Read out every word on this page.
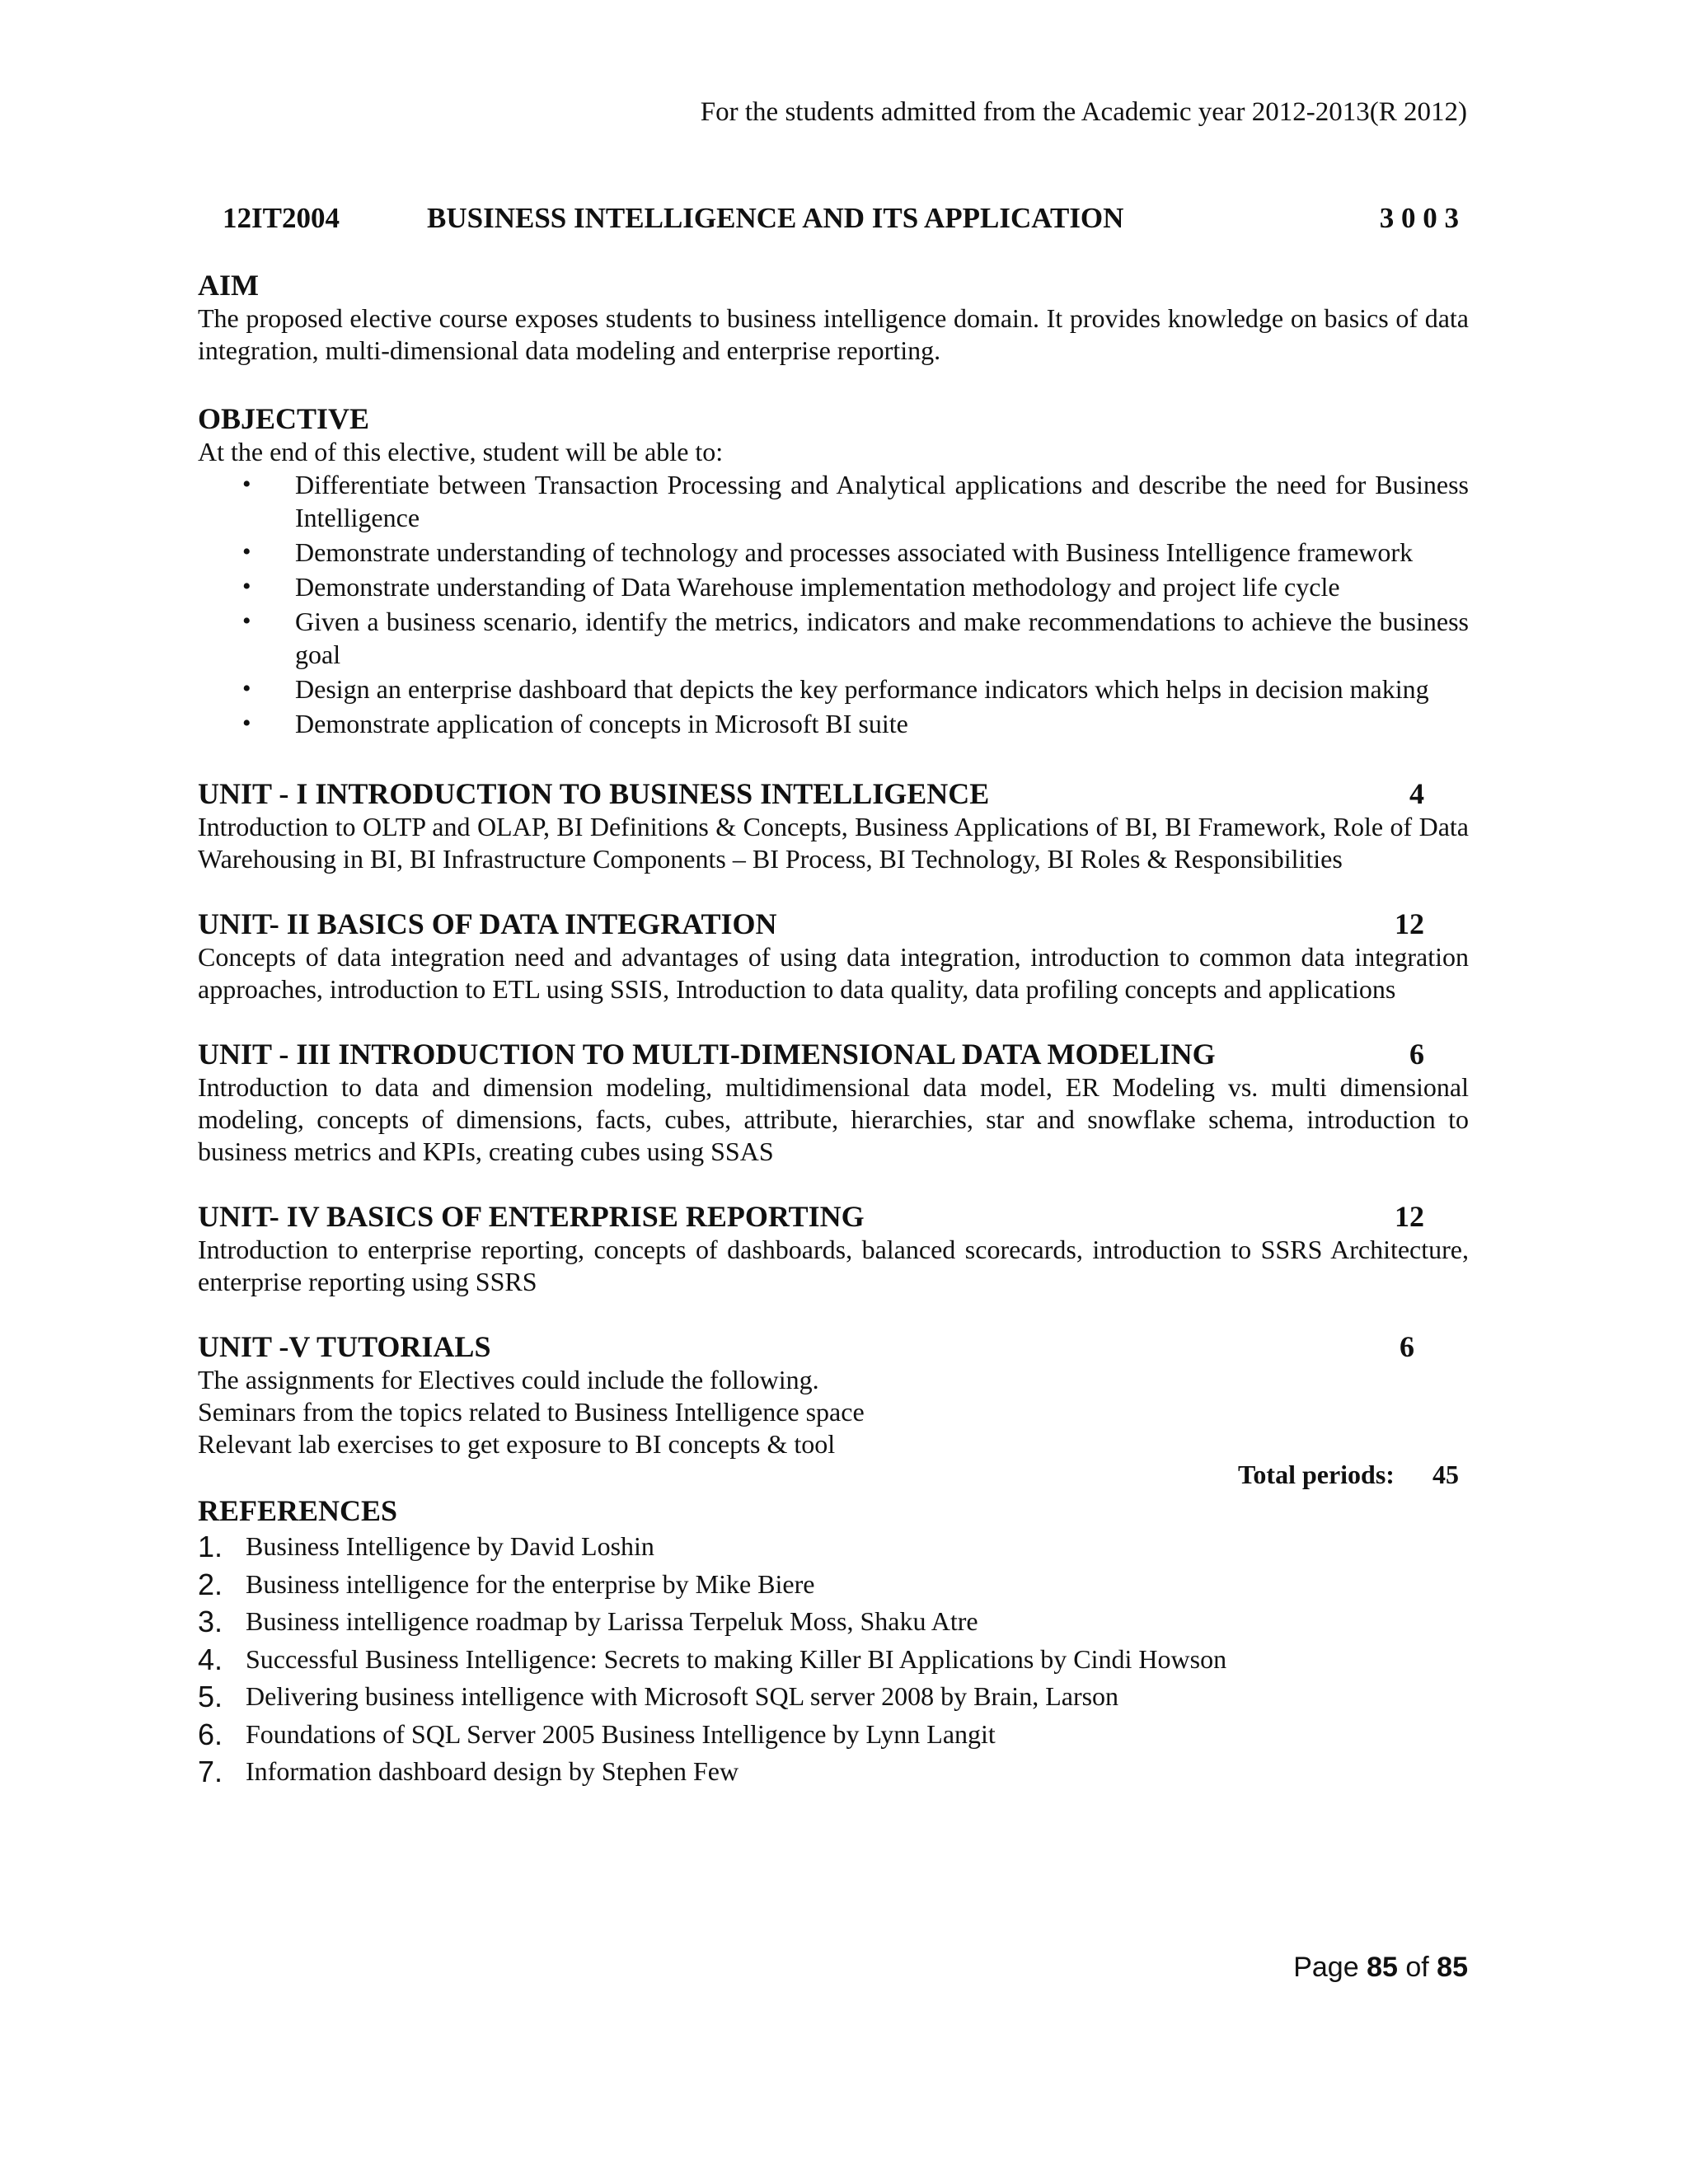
For the students admitted from the Academic year 2012-2013(R 2012)
12IT2004	BUSINESS INTELLIGENCE AND ITS APPLICATION	3 0 0 3
AIM
The proposed elective course exposes students to business intelligence domain. It provides knowledge on basics of data integration, multi-dimensional data modeling and enterprise reporting.
OBJECTIVE
At the end of this elective, student will be able to:
• Differentiate between Transaction Processing and Analytical applications and describe the need for Business Intelligence
• Demonstrate understanding of technology and processes associated with Business Intelligence framework
• Demonstrate understanding of Data Warehouse implementation methodology and project life cycle
• Given a business scenario, identify the metrics, indicators and make recommendations to achieve the business goal
• Design an enterprise dashboard that depicts the key performance indicators which helps in decision making
• Demonstrate application of concepts in Microsoft BI suite
UNIT - I INTRODUCTION TO BUSINESS INTELLIGENCE	4
Introduction to OLTP and OLAP, BI Definitions & Concepts, Business Applications of BI, BI Framework, Role of Data Warehousing in BI, BI Infrastructure Components – BI Process, BI Technology, BI Roles & Responsibilities
UNIT- II BASICS OF DATA INTEGRATION	12
Concepts of data integration need and advantages of using data integration, introduction to common data integration approaches, introduction to ETL using SSIS, Introduction to data quality, data profiling concepts and applications
UNIT - III INTRODUCTION TO MULTI-DIMENSIONAL DATA MODELING	6
Introduction to data and dimension modeling, multidimensional data model, ER Modeling vs. multi dimensional modeling, concepts of dimensions, facts, cubes, attribute, hierarchies, star and snowflake schema, introduction to business metrics and KPIs, creating cubes using SSAS
UNIT- IV BASICS OF ENTERPRISE REPORTING	12
Introduction to enterprise reporting, concepts of dashboards, balanced scorecards, introduction to SSRS Architecture, enterprise reporting using SSRS
UNIT -V TUTORIALS	6
The assignments for Electives could include the following.
Seminars from the topics related to Business Intelligence space
Relevant lab exercises to get exposure to BI concepts & tool
Total periods: 45
REFERENCES
1. Business Intelligence by David Loshin
2. Business intelligence for the enterprise by Mike Biere
3. Business intelligence roadmap by Larissa Terpeluk Moss, Shaku Atre
4. Successful Business Intelligence: Secrets to making Killer BI Applications by Cindi Howson
5. Delivering business intelligence with Microsoft SQL server 2008 by Brain, Larson
6. Foundations of SQL Server 2005 Business Intelligence by Lynn Langit
7. Information dashboard design by Stephen Few
Page 85 of 85
